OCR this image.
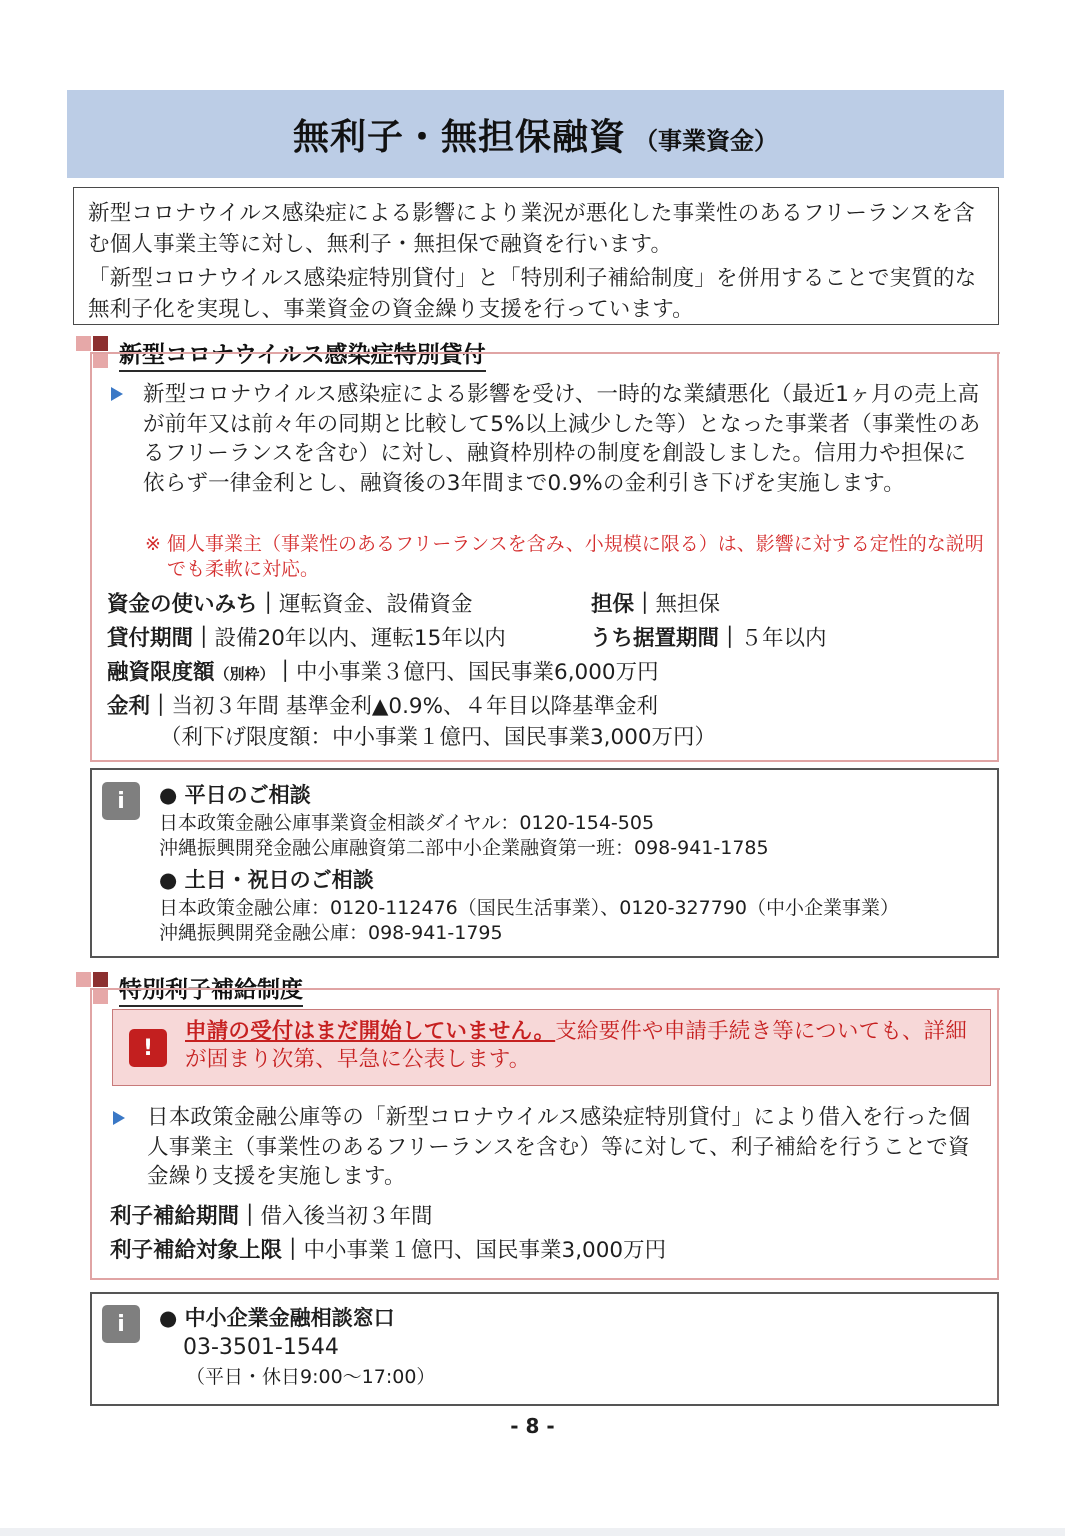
無利子・無担保融資 （事業資金）
新型コロナウイルス感染症による影響により業況が悪化した事業性のあるフリーランスを含む個人事業主等に対し、無利子・無担保で融資を行います。
「新型コロナウイルス感染症特別貸付」と「特別利子補給制度」を併用することで実質的な無利子化を実現し、事業資金の資金繰り支援を行っています。
新型コロナウイルス感染症特別貸付
新型コロナウイルス感染症による影響を受け、一時的な業績悪化（最近1ヶ月の売上高が前年又は前々年の同期と比較して5%以上減少した等）となった事業者（事業性のあるフリーランスを含む）に対し、融資枠別枠の制度を創設しました。信用力や担保に依らず一律金利とし、融資後の3年間まで0.9%の金利引き下げを実施します。
※ 個人事業主（事業性のあるフリーランスを含み、小規模に限る）は、影響に対する定性的な説明でも柔軟に対応。
資金の使いみち｜運転資金、設備資金	担保｜無担保
貸付期間｜設備20年以内、運転15年以内	うち据置期間｜５年以内
融資限度額（別枠）｜中小事業３億円、国民事業6,000万円
金利｜当初３年間 基準金利▲0.9%、４年目以降基準金利
（利下げ限度額：中小事業１億円、国民事業3,000万円）
i	● 平日のご相談
日本政策金融公庫事業資金相談ダイヤル：0120-154-505
沖縄振興開発金融公庫融資第二部中小企業融資第一班：098-941-1785
● 土日・祝日のご相談
日本政策金融公庫：0120-112476（国民生活事業）、0120-327790（中小企業事業）
沖縄振興開発金融公庫：098-941-1795
特別利子補給制度
!
申請の受付はまだ開始していません。支給要件や申請手続き等についても、詳細が固まり次第、早急に公表します。
日本政策金融公庫等の「新型コロナウイルス感染症特別貸付」により借入を行った個人事業主（事業性のあるフリーランスを含む）等に対して、利子補給を行うことで資金繰り支援を実施します。
利子補給期間｜借入後当初３年間
利子補給対象上限｜中小事業１億円、国民事業3,000万円
i	● 中小企業金融相談窓口
03-3501-1544
（平日・休日9:00～17:00）
- 8 -
